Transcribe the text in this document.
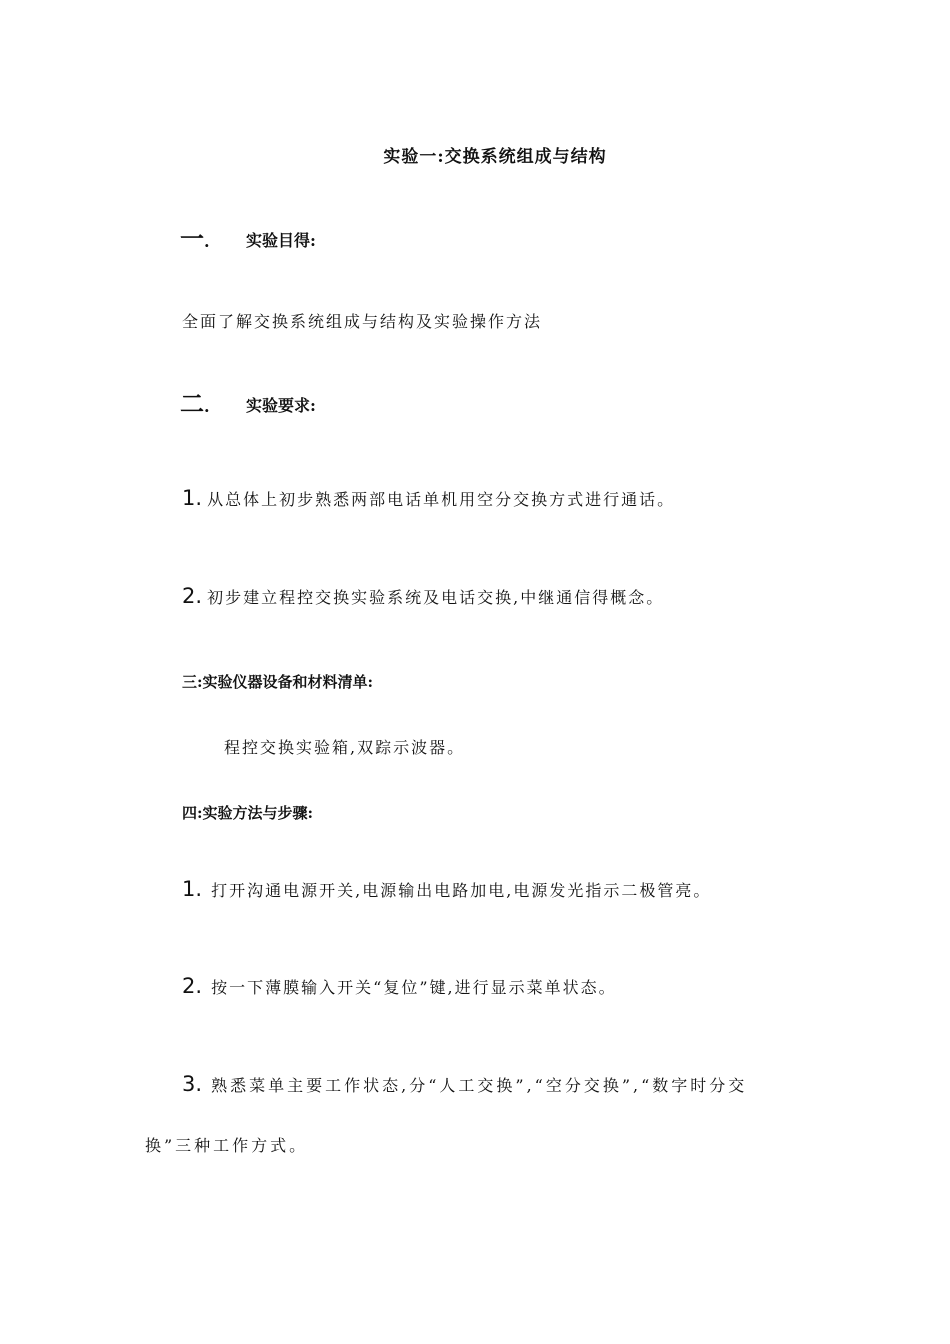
实验一:交换系统组成与结构
一. 实验目得:
全面了解交换系统组成与结构及实验操作方法
二. 实验要求:
1. 从总体上初步熟悉两部电话单机用空分交换方式进行通话。
2. 初步建立程控交换实验系统及电话交换,中继通信得概念。
三:实验仪器设备和材料清单:
程控交换实验箱,双踪示波器。
四:实验方法与步骤:
1. 打开沟通电源开关,电源输出电路加电,电源发光指示二极管亮。
2. 按一下薄膜输入开关“复位”键,进行显示菜单状态。
3. 熟悉菜单主要工作状态,分“人工交换”,“空分交换”,“数字时分交
换”三种工作方式。
